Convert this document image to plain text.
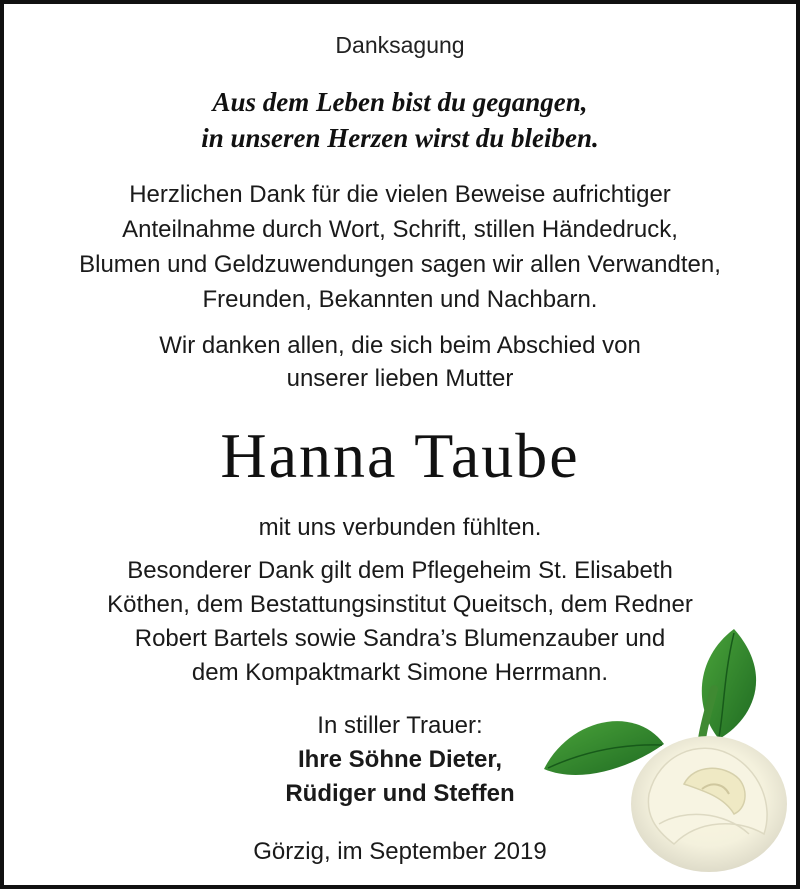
Danksagung
Aus dem Leben bist du gegangen,
in unseren Herzen wirst du bleiben.
Herzlichen Dank für die vielen Beweise aufrichtiger
Anteilnahme durch Wort, Schrift, stillen Händedruck,
Blumen und Geldzuwendungen sagen wir allen Verwandten,
Freunden, Bekannten und Nachbarn.
Wir danken allen, die sich beim Abschied von
unserer lieben Mutter
Hanna Taube
mit uns verbunden fühlten.
Besonderer Dank gilt dem Pflegeheim St. Elisabeth
Köthen, dem Bestattungsinstitut Queitsch, dem Redner
Robert Bartels sowie Sandra’s Blumenzauber und
dem Kompaktmarkt Simone Herrmann.
In stiller Trauer:
Ihre Söhne Dieter,
Rüdiger und Steffen
Görzig, im September 2019
